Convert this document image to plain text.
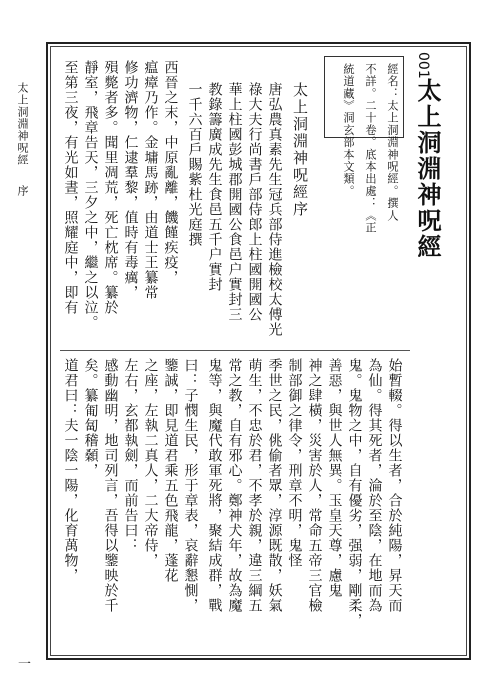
太上洞淵神呪經 序
一
001
太上洞淵神呪經
經名：太上洞淵神呪經。撰人
不詳。二十卷。底本出處：《正
統道藏》洞玄部本文類。
太上洞淵神呪經序
唐弘農真素先生冠兵部侍進檢校太傅光
祿大夫行尚書戶部侍郎上柱國開國公
華上柱國彭城郡開國公食邑户實封三
教錄籌廣成先生食邑五千户實封
一千六百戶賜紫杜光庭撰
西晉之末，中原亂離，饑饉疾疫，
瘟瘴乃作。金墉馬跡，由道士王纂常
修功濟物，仁逮羣黎，值時有毒癘，
殞斃者多。聞里凋荒，死亡枕席。纂於
靜室，飛章告天，三夕之中，繼之以泣。
至第三夜，有光如晝，照耀庭中，即有
始暫輟。得以生者，合於純陽，昇天而
為仙。得其死者，淪於至陰，在地而為
鬼。鬼物之中，自有優劣，强弱，剛柔，
善惡，與世人無異。玉皇天尊，慮鬼
神之肆橫，災害於人，常命五帝三官檢
制部御之律令，刑章不明，鬼怪
季世之民，佻偷者眾，淳源既散，妖氣
萌生，不忠於君，不孝於親，違三綱五
常之教，自有邪心。鄭神犬年，故為魔
鬼等，與魔代敢軍死將，聚結成群，戰
曰：子憫生民，形于章表，哀辭懇惻，
鑒誠，即見道君乘五色飛龍，蓬花
之座，左執二真人，二大帝侍，
左右，玄都執劍，而前告曰：
感動幽明，地司列言，吾得以鑒映於千
矣。纂匍匐稽顙，
道君曰：夫一陰一陽，化育萬物，
